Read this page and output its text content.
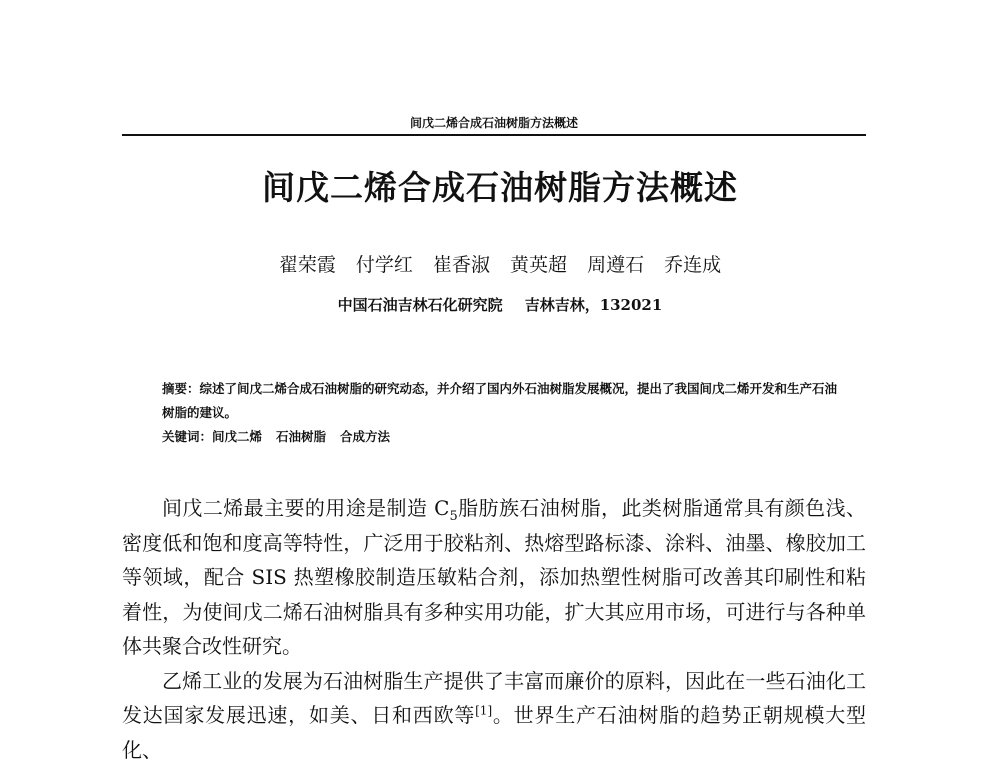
间戊二烯合成石油树脂方法概述
间戊二烯合成石油树脂方法概述
翟荣霞 付学红 崔香淑 黄英超 周遵石 乔连成
中国石油吉林石化研究院 吉林吉林，132021

摘要：综述了间戊二烯合成石油树脂的研究动态，并介绍了国内外石油树脂发展概况，提出了我国间戊二烯开发和生产石油树脂的建议。

关键词：间戊二烯 石油树脂 合成方法

间戊二烯最主要的用途是制造 $C_5$脂肪族石油树脂，此类树脂通常具有颜色浅、密度低和饱和度高等特性，广泛用于胶粘剂、热熔型路标漆、涂料、油墨、橡胶加工等领域，配合 SIS 热塑橡胶制造压敏粘合剂，添加热塑性树脂可改善其印刷性和粘着性，为使间戊二烯石油树脂具有多种实用功能，扩大其应用市场，可进行与各种单体共聚合改性研究。

乙烯工业的发展为石油树脂生产提供了丰富而廉价的原料，因此在一些石油化工发达国家发展迅速，如美、日和西欧等[1]。世界生产石油树脂的趋势正朝规模大型化、
